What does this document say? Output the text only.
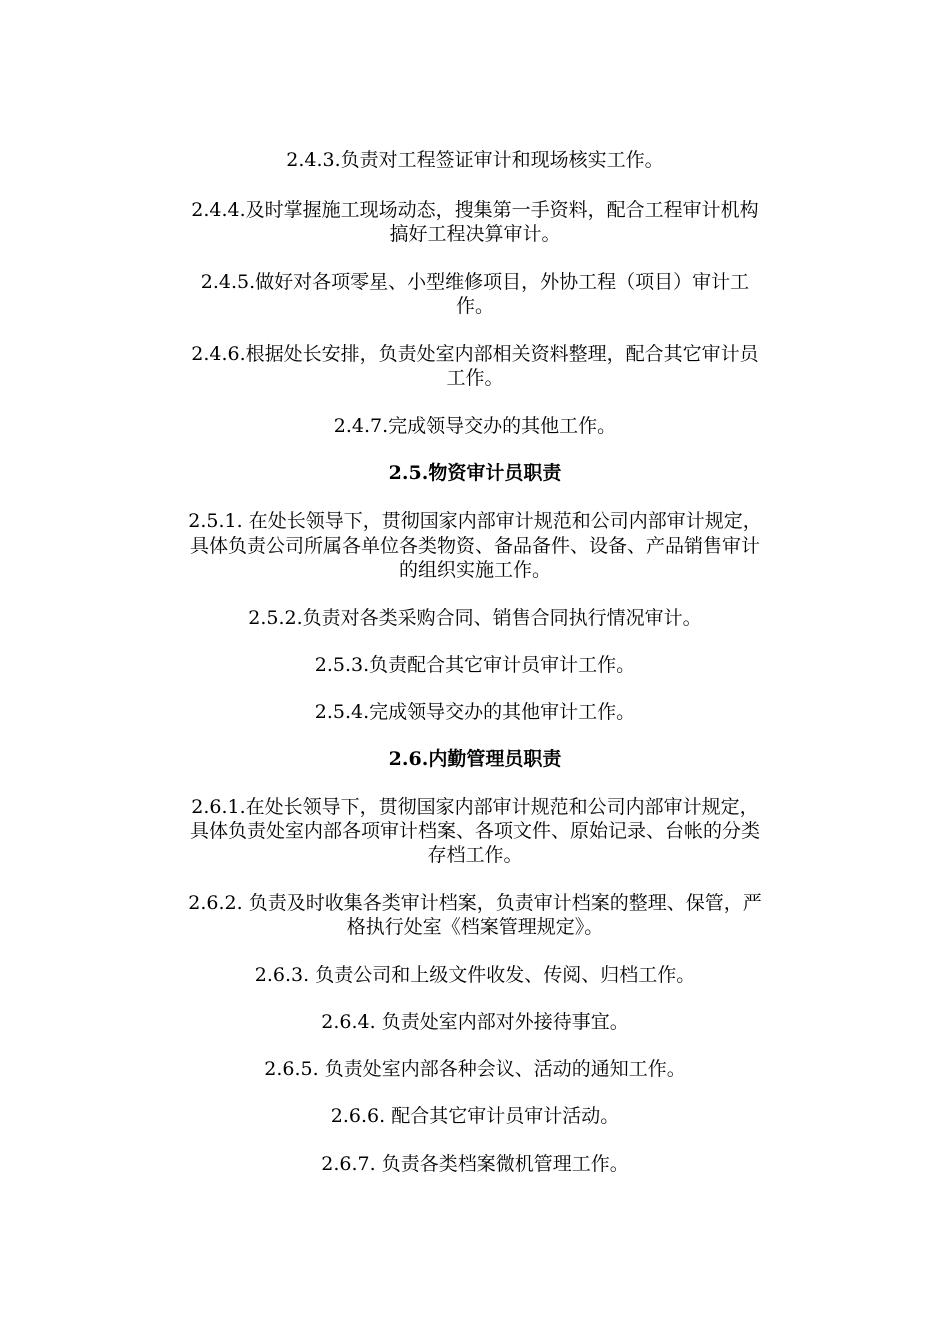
2.4.3.负责对工程签证审计和现场核实工作。
2.4.4.及时掌握施工现场动态，搜集第一手资料，配合工程审计机构
搞好工程决算审计。
2.4.5.做好对各项零星、小型维修项目，外协工程（项目）审计工
作。
2.4.6.根据处长安排，负责处室内部相关资料整理，配合其它审计员
工作。
2.4.7.完成领导交办的其他工作。
2.5.物资审计员职责
2.5.1. 在处长领导下，贯彻国家内部审计规范和公司内部审计规定，
具体负责公司所属各单位各类物资、备品备件、设备、产品销售审计
的组织实施工作。
2.5.2.负责对各类采购合同、销售合同执行情况审计。
2.5.3.负责配合其它审计员审计工作。
2.5.4.完成领导交办的其他审计工作。
2.6.内勤管理员职责
2.6.1.在处长领导下，贯彻国家内部审计规范和公司内部审计规定，
具体负责处室内部各项审计档案、各项文件、原始记录、台帐的分类
存档工作。
2.6.2. 负责及时收集各类审计档案，负责审计档案的整理、保管，严
格执行处室《档案管理规定》。
2.6.3. 负责公司和上级文件收发、传阅、归档工作。
2.6.4. 负责处室内部对外接待事宜。
2.6.5. 负责处室内部各种会议、活动的通知工作。
2.6.6. 配合其它审计员审计活动。
2.6.7. 负责各类档案微机管理工作。
